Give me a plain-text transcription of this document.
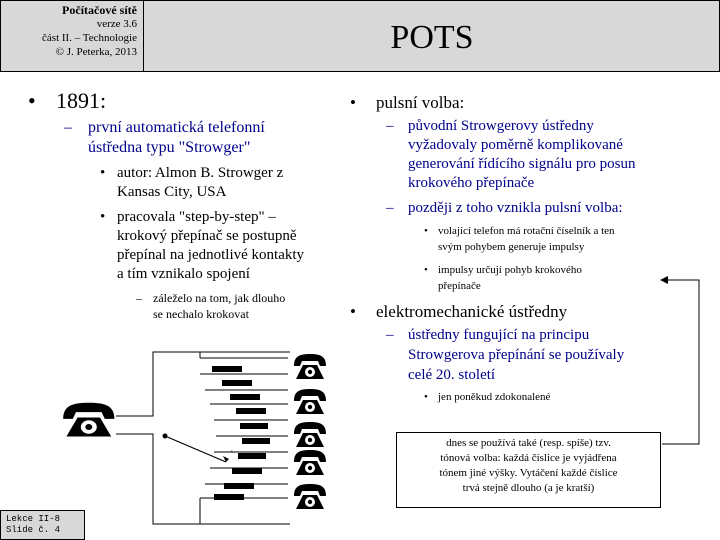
Počítačové sítě
verze 3.6
část II. – Technologie
© J. Peterka, 2013	POTS
• 1891:
– první automatická telefonní
ústředna typu "Strowger"
• autor: Almon B. Strowger z
Kansas City, USA
• pracovala "step-by-step" –
krokový přepínač se postupně
přepínal na jednotlivé kontakty
a tím vznikalo spojení
– záleželo na tom, jak dlouho
se nechalo krokovat
• pulsní volba:
– původní Strowgerovy ústředny
vyžadovaly poměrně komplikované
generování řídícího signálu pro posun
krokového přepínače
– později z toho vznikla pulsní volba:
• volající telefon má rotační číselník a ten
svým pohybem generuje impulsy
• impulsy určují pohyb krokového
přepínače
• elektromechanické ústředny
– ústředny fungující na principu
Strowgerova přepínání se používaly
celé 20. století
• jen poněkud zdokonalené
'
dnes se používá také (resp. spíše) tzv.
tónová volba: každá číslice je vyjádřena
tónem jiné výšky. Vytáčení každé číslice
trvá stejně dlouho (a je kratší)
Lekce II-8
Slide č. 4
